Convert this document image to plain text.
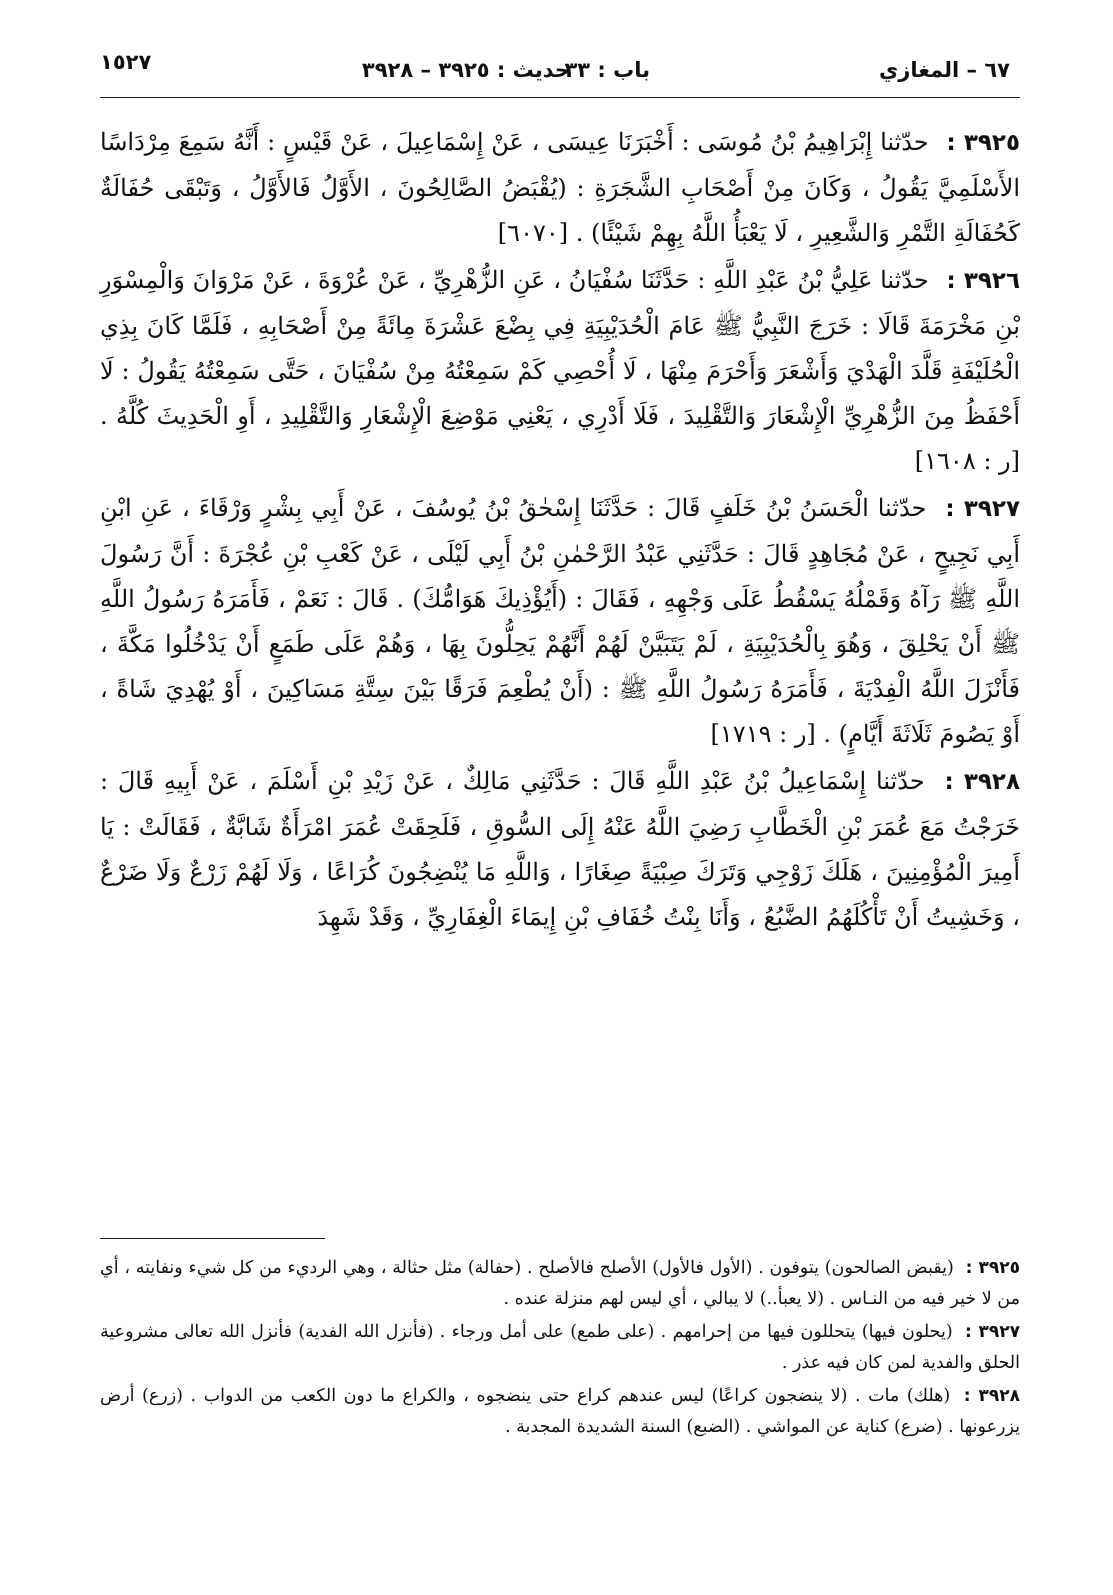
٦٧ – المغازي
باب : ٣٣
حديث : ٣٩٢٥ – ٣٩٢٨
١٥٢٧

٣٩٢٥ : حدّثنا إِبْرَاهِيمُ بْنُ مُوسَى : أَخْبَرَنَا عِيسَى ، عَنْ إِسْمَاعِيلَ ، عَنْ قَيْسٍ : أَنَّهُ سَمِعَ مِرْدَاسًا الأَسْلَمِيَّ يَقُولُ ، وَكَانَ مِنْ أَصْحَابِ الشَّجَرَةِ : (يُقْبَضُ الصَّالِحُونَ ، الأَوَّلُ فَالأَوَّلُ ، وَتَبْقَى حُفَالَةٌ كَحُفَالَةِ التَّمْرِ وَالشَّعِيرِ ، لَا يَعْبَأُ اللَّهُ بِهِمْ شَيْئًا) . [٦٠٧٠]

٣٩٢٦ : حدّثنا عَلِيُّ بْنُ عَبْدِ اللَّهِ : حَدَّثَنَا سُفْيَانُ ، عَنِ الزُّهْرِيِّ ، عَنْ عُرْوَةَ ، عَنْ مَرْوَانَ وَالْمِسْوَرِ بْنِ مَخْرَمَةَ قَالَا : خَرَجَ النَّبِيُّ ﷺ عَامَ الْحُدَيْبِيَةِ فِي بِضْعَ عَشْرَةَ مِائَةً مِنْ أَصْحَابِهِ ، فَلَمَّا كَانَ بِذِي الْحُلَيْفَةِ قَلَّدَ الْهَدْيَ وَأَشْعَرَ وَأَحْرَمَ مِنْهَا ، لَا أُحْصِي كَمْ سَمِعْتُهُ مِنْ سُفْيَانَ ، حَتَّى سَمِعْتُهُ يَقُولُ : لَا أَحْفَظُ مِنَ الزُّهْرِيِّ الْإِشْعَارَ وَالتَّقْلِيدَ ، فَلَا أَدْرِي ، يَعْنِي مَوْضِعَ الْإِشْعَارِ وَالتَّقْلِيدِ ، أَوِ الْحَدِيثَ كُلَّهُ . [ر : ١٦٠٨]

٣٩٢٧ : حدّثنا الْحَسَنُ بْنُ خَلَفٍ قَالَ : حَدَّثَنَا إِسْحٰقُ بْنُ يُوسُفَ ، عَنْ أَبِي بِشْرٍ وَرْقَاءَ ، عَنِ ابْنِ أَبِي نَجِيحٍ ، عَنْ مُجَاهِدٍ قَالَ : حَدَّثَنِي عَبْدُ الرَّحْمٰنِ بْنُ أَبِي لَيْلَى ، عَنْ كَعْبِ بْنِ عُجْرَةَ : أَنَّ رَسُولَ اللَّهِ ﷺ رَآهُ وَقَمْلُهُ يَسْقُطُ عَلَى وَجْهِهِ ، فَقَالَ : (أَيُؤْذِيكَ هَوَامُّكَ) . قَالَ : نَعَمْ ، فَأَمَرَهُ رَسُولُ اللَّهِ ﷺ أَنْ يَحْلِقَ ، وَهُوَ بِالْحُدَيْبِيَةِ ، لَمْ يَتَبَيَّنْ لَهُمْ أَنَّهُمْ يَحِلُّونَ بِهَا ، وَهُمْ عَلَى طَمَعٍ أَنْ يَدْخُلُوا مَكَّةَ ، فَأَنْزَلَ اللَّهُ الْفِدْيَةَ ، فَأَمَرَهُ رَسُولُ اللَّهِ ﷺ : (أَنْ يُطْعِمَ فَرَقًا بَيْنَ سِتَّةِ مَسَاكِينَ ، أَوْ يُهْدِيَ شَاةً ، أَوْ يَصُومَ ثَلَاثَةَ أَيَّامٍ) . [ر : ١٧١٩]

٣٩٢٨ : حدّثنا إِسْمَاعِيلُ بْنُ عَبْدِ اللَّهِ قَالَ : حَدَّثَنِي مَالِكٌ ، عَنْ زَيْدِ بْنِ أَسْلَمَ ، عَنْ أَبِيهِ قَالَ : خَرَجْتُ مَعَ عُمَرَ بْنِ الْخَطَّابِ رَضِيَ اللَّهُ عَنْهُ إِلَى السُّوقِ ، فَلَحِقَتْ عُمَرَ امْرَأَةٌ شَابَّةٌ ، فَقَالَتْ : يَا أَمِيرَ الْمُؤْمِنِينَ ، هَلَكَ زَوْجِي وَتَرَكَ صِبْيَةً صِغَارًا ، وَاللَّهِ مَا يُنْضِجُونَ كُرَاعًا ، وَلَا لَهُمْ زَرْعٌ وَلَا ضَرْعٌ ، وَخَشِيتُ أَنْ تَأْكُلَهُمُ الضَّبُعُ ، وَأَنَا بِنْتُ خُفَافِ بْنِ إِيمَاءَ الْغِفَارِيِّ ، وَقَدْ شَهِدَ

٣٩٢٥ : (يقبض الصالحون) يتوفون . (الأول فالأول) الأصلح فالأصلح . (حفالة) مثل حثالة ، وهي الرديء من كل شيء ونفايته ، أي من لا خير فيه من النـاس . (لا يعبأ..) لا يبالي ، أي ليس لهم منزلة عنده .

٣٩٢٧ : (يحلون فيها) يتحللون فيها من إحرامهم . (على طمع) على أمل ورجاء . (فأنزل الله الفدية) فأنزل الله تعالى مشروعية الحلق والفدية لمن كان فيه عذر .

٣٩٢٨ : (هلك) مات . (لا ينضجون كراعًا) ليس عندهم كراع حتى ينضجوه ، والكراع ما دون الكعب من الدواب . (زرع) أرض يزرعونها . (ضرع) كناية عن المواشي . (الضبع) السنة الشديدة المجدبة .
